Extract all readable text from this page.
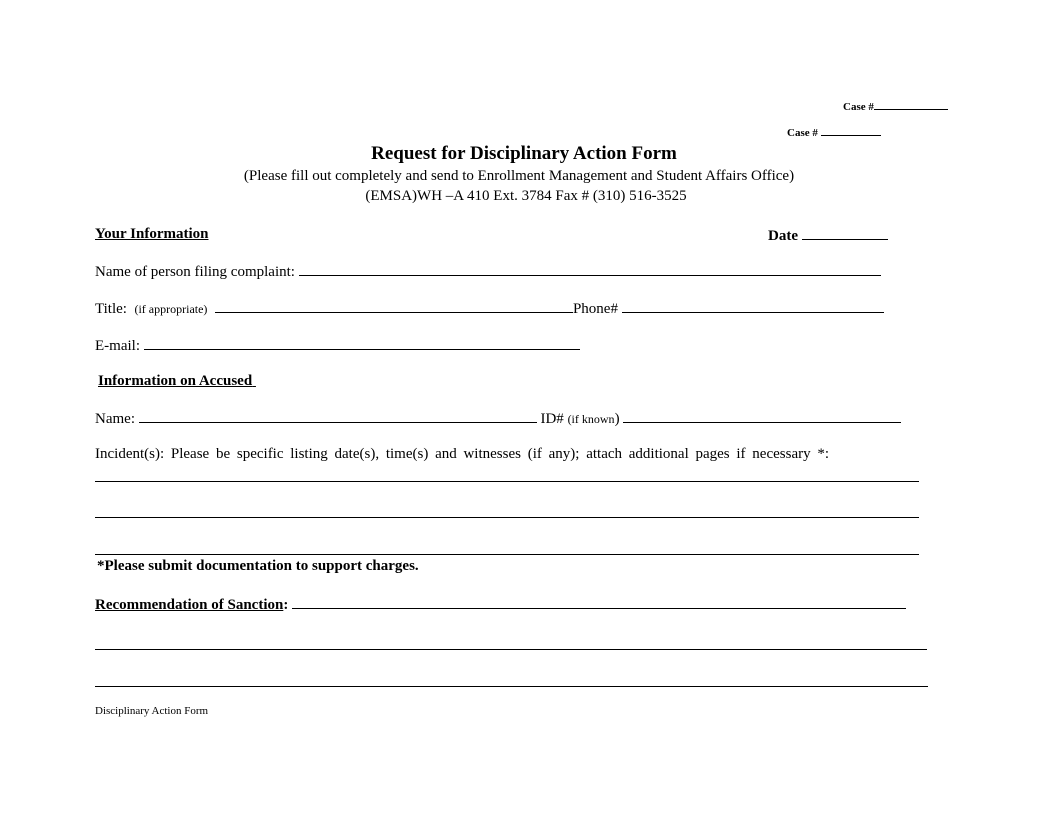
Case #
Case #
Request for Disciplinary Action Form
(Please fill out completely and send to Enrollment Management and Student Affairs Office)
(EMSA)WH –A 410 Ext. 3784 Fax # (310) 516-3525
Your Information	Date
Name of person filing complaint:
Title: (if appropriate)	Phone#
E-mail:
Information on Accused
Name:	ID# (if known)
Incident(s): Please be specific listing date(s), time(s) and witnesses (if any); attach additional pages if necessary *:
*Please submit documentation to support charges.
Recommendation of Sanction:
Disciplinary Action Form
